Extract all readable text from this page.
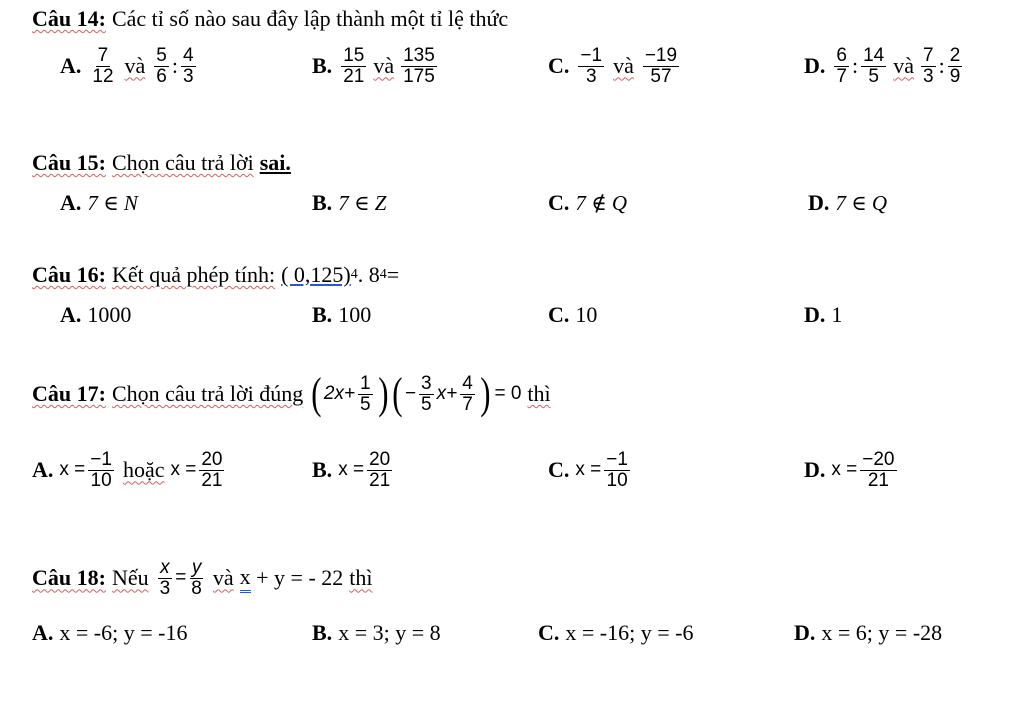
Câu 14: Các tỉ số nào sau đây lập thành một tỉ lệ thức
A. $\frac{7}{12}$ và $\frac{5}{6}$ : $\frac{4}{3}$	B. $\frac{15}{21}$ và $\frac{135}{175}$	C. $\frac{-1}{3}$ và $\frac{-19}{57}$	D. $\frac{6}{7}$ : $\frac{14}{5}$ và $\frac{7}{3}$ : $\frac{2}{9}$
Câu 15: Chọn câu trả lời sai.
A. 7 ∈ N	B. 7 ∈ Z	C. 7 ∉ Q	D. 7 ∈ Q
Câu 16: Kết quả phép tính: ( 0,125) 4 . 8 4 =
A. 1000	B. 100	C. 10	D. 1
Câu 17: Chọn câu trả lời đúng ( $2x+ \frac{1}{5}$ ) ( − $\frac{3}{5} x+ \frac{4}{7}$ ) = 0 thì
A. $x = \frac{-1}{10}$ hoặc $x = \frac{20}{21}$	B. $x = \frac{20}{21}$	C. $x = \frac{-1}{10}$	D. $x = \frac{-20}{21}$
Câu 18: Nếu $\frac{x}{3} = \frac{y}{8}$ và x + y = - 22 thì
A. x = -6; y = -16	B. x = 3; y = 8	C. x = -16; y = -6	D. x = 6; y = -28
